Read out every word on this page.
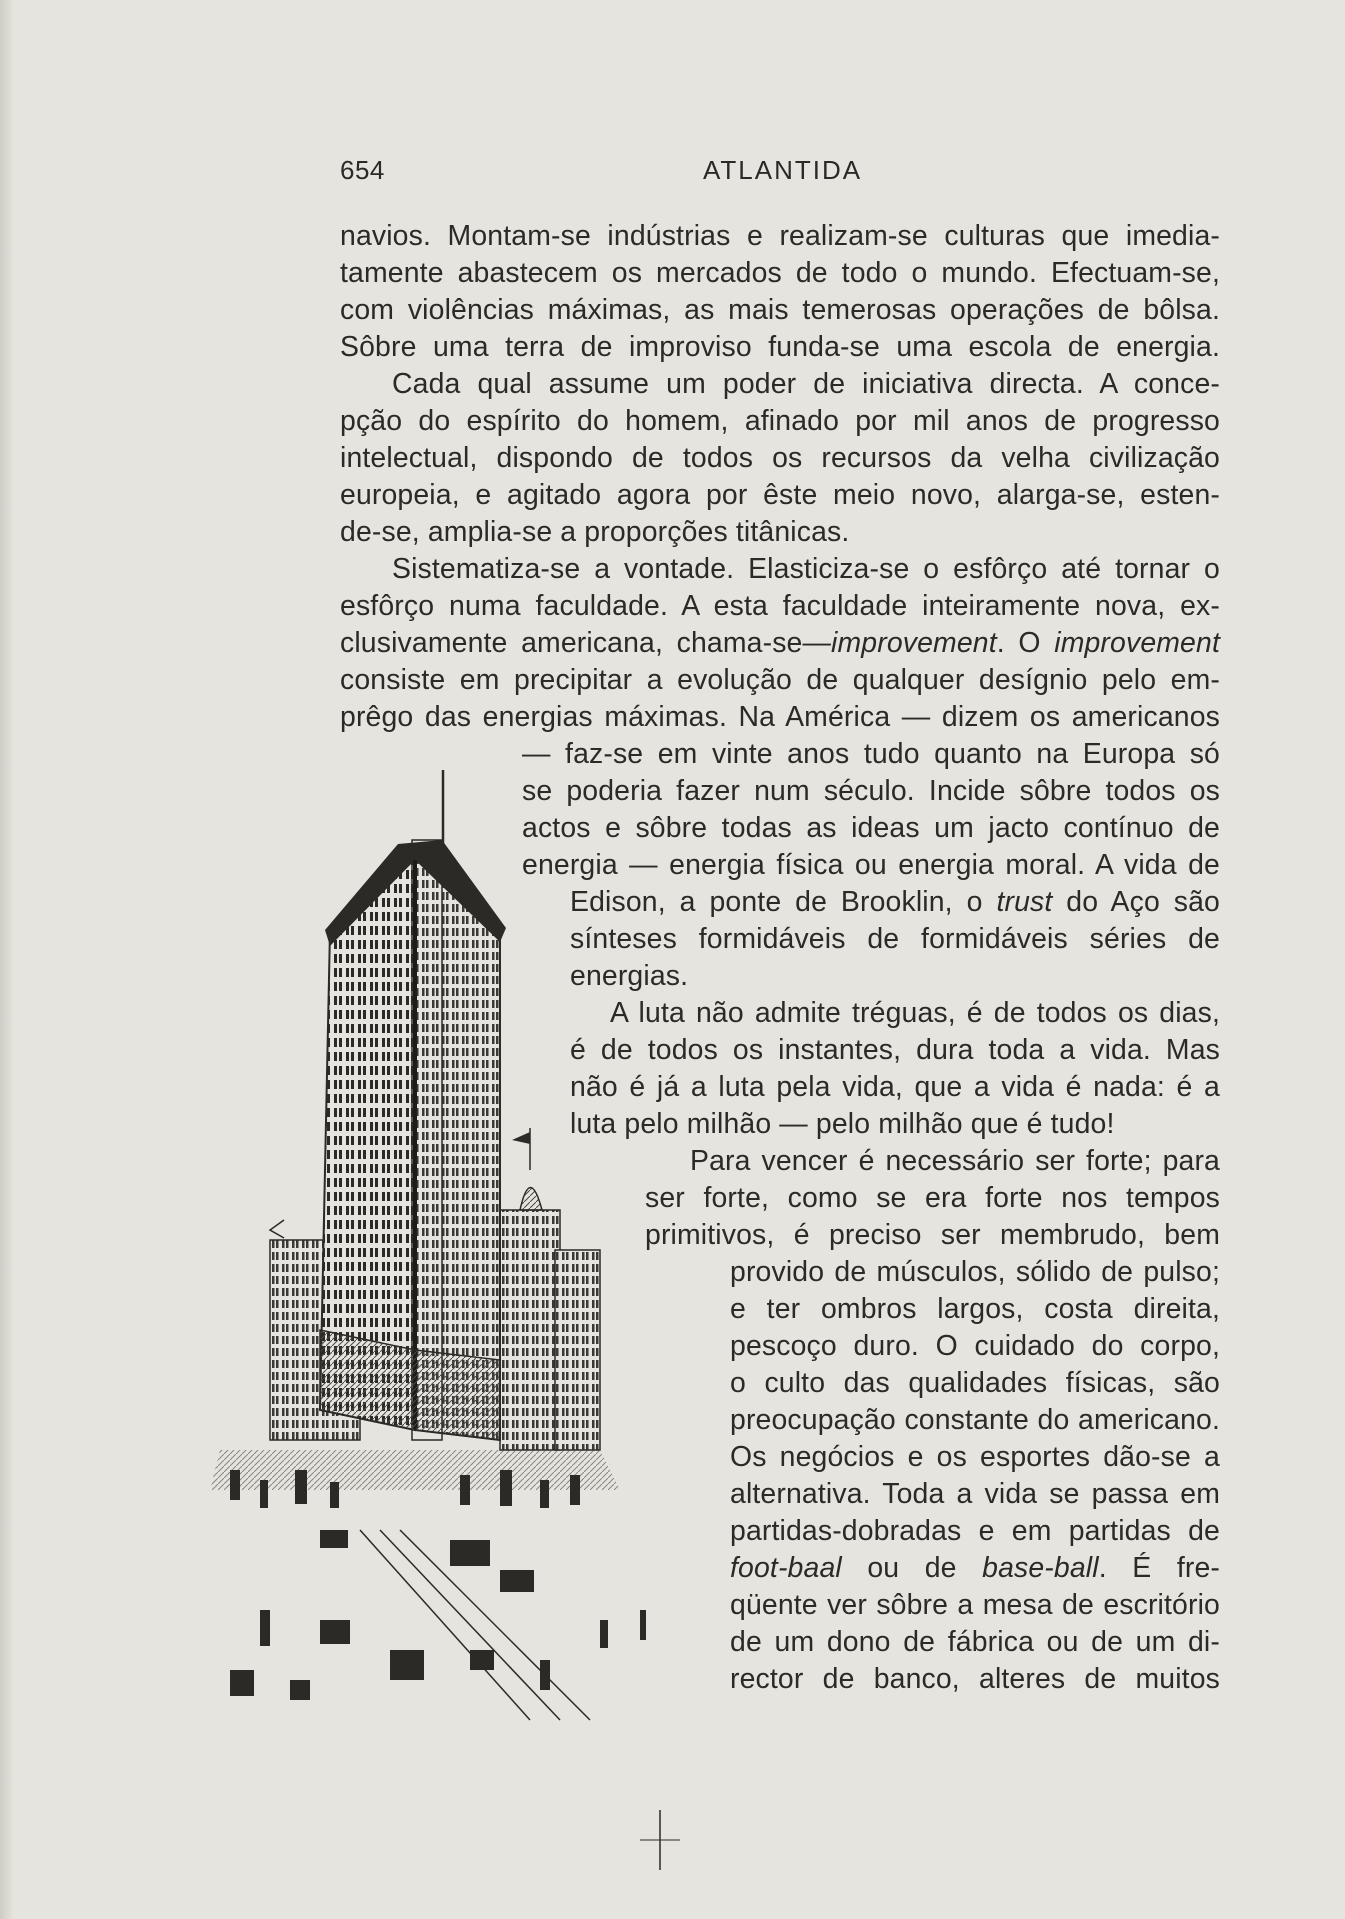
654	ATLANTIDA

navios. Montam-se indústrias e realizam-se culturas que imedia-

tamente abastecem os mercados de todo o mundo. Efectuam-se,

com violências máximas, as mais temerosas operações de bôlsa.

Sôbre uma terra de improviso funda-se uma escola de energia.

Cada qual assume um poder de iniciativa directa. A conce-

pção do espírito do homem, afinado por mil anos de progresso

intelectual, dispondo de todos os recursos da velha civilização

europeia, e agitado agora por êste meio novo, alarga-se, esten-

de-se, amplia-se a proporções titânicas.

Sistematiza-se a vontade. Elasticiza-se o esfôrço até tornar o

esfôrço numa faculdade. A esta faculdade inteiramente nova, ex-

clusivamente americana, chama-se—improvement. O improvement

consiste em precipitar a evolução de qualquer desígnio pelo em-

prêgo das energias máximas. Na América — dizem os americanos

— faz-se em vinte anos tudo quanto na Europa só

se poderia fazer num século. Incide sôbre todos os

actos e sôbre todas as ideas um jacto contínuo de

energia — energia física ou energia moral. A vida de

Edison, a ponte de Brooklin, o trust do Aço são

sínteses formidáveis de formidáveis séries de

energias.

A luta não admite tréguas, é de todos os dias,

é de todos os instantes, dura toda a vida. Mas

não é já a luta pela vida, que a vida é nada: é a

luta pelo milhão — pelo milhão que é tudo!

Para vencer é necessário ser forte; para

ser forte, como se era forte nos tempos

primitivos, é preciso ser membrudo, bem

provido de músculos, sólido de pulso;

e ter ombros largos, costa direita,

pescoço duro. O cuidado do corpo,

o culto das qualidades físicas, são

preocupação constante do americano.

Os negócios e os esportes dão-se a

alternativa. Toda a vida se passa em

partidas-dobradas e em partidas de

foot-baal ou de base-ball. É fre-

qüente ver sôbre a mesa de escritório

de um dono de fábrica ou de um di-

rector de banco, alteres de muitos
